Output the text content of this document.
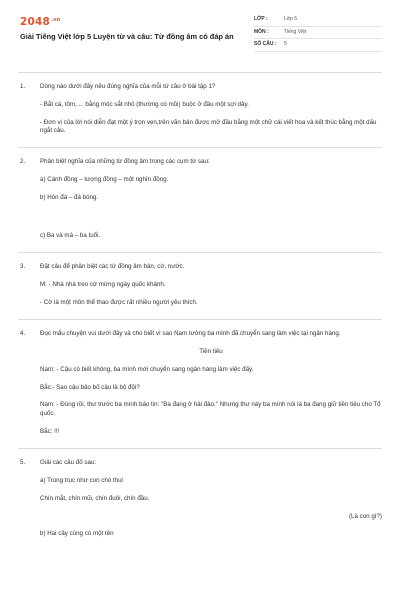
$2048^{.vn}$
Giải Tiếng Việt lớp 5 Luyện từ và câu: Từ đồng âm có đáp án
LỚP :	Lớp 5
MÔN :	Tiếng Việt
SỐ CÂU :	5
1. Dòng nào dưới đây nêu đúng nghĩa của mỗi từ câu ở bài tập 1?

- Bắt cá, tôm, ... bằng móc sắt nhỏ (thường có mồi) buộc ở đầu một sợi dây.

- Đơn vị của lời nói diễn đạt một ý trọn vẹn,trên văn bản được mở đầu bằng một chữ cái viết hoa và kết thúc bằng một dấu ngắt câu.

2. Phân biệt nghĩa của những từ đồng âm trong các cụm từ sau:

a) Cánh đồng – tượng đồng – một nghìn đồng.

b) Hòn đá – đá bóng.

c) Ba và má – ba tuổi.

3. Đặt câu để phân biệt các từ đồng âm bàn, cờ, nước.

M: - Nhà nhà treo cờ mừng ngày quốc khánh.

- Cờ là một môn thể thao được rất nhiều người yêu thích.

4. Đọc mẩu chuyện vui dưới đây và cho biết vì sao Nam tưởng ba mình đã chuyển sang làm việc tại ngân hàng.

Tiền tiêu

Nam: - Cậu có biết không, ba mình mới chuyển sang ngân hàng làm việc đấy.

Bắc:- Sao cậu bảo bố cậu là bộ đội?

Nam: - Đúng rồi, thư trước ba mình báo tin: "Ba đang ở hải đảo." Nhưng thư này ba mình nói là ba đang giữ tiền tiêu cho Tổ quốc.

Bắc: !!!

5. Giải các câu đố sau:

a) Trùng trục như con chó thui

Chín mắt, chín mũi, chín đuôi, chín đầu.

(Là con gì?)

b) Hai cây cùng có một tên
